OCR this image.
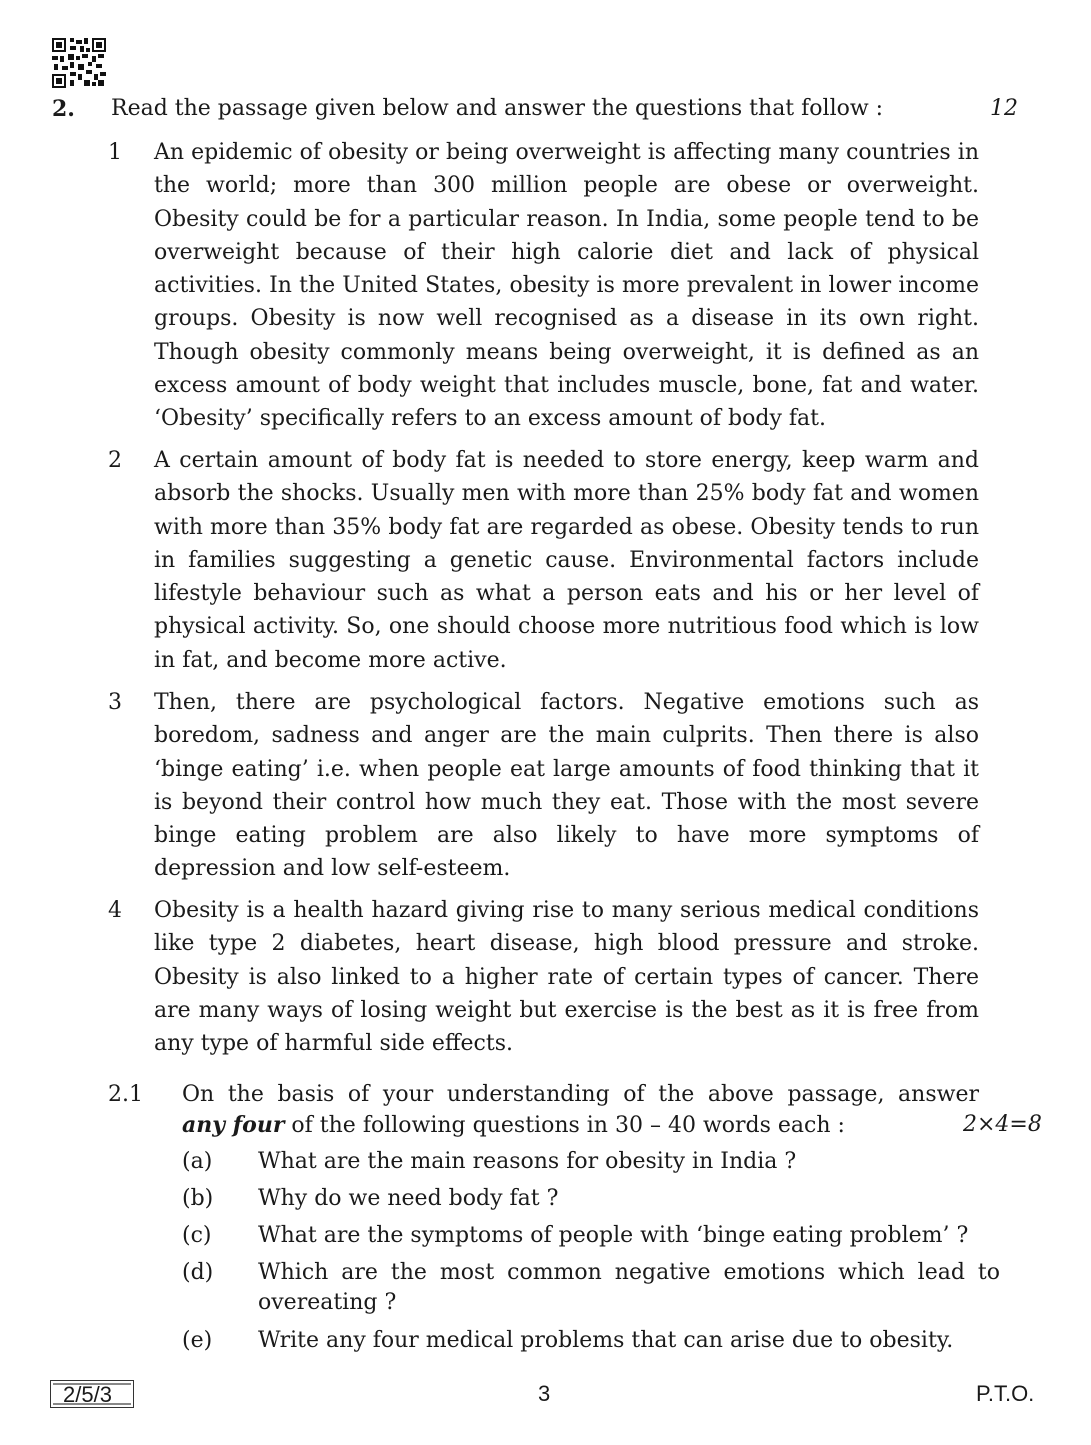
2. Read the passage given below and answer the questions that follow :	12
1 An epidemic of obesity or being overweight is affecting many countries in the world; more than 300 million people are obese or overweight. Obesity could be for a particular reason. In India, some people tend to be overweight because of their high calorie diet and lack of physical activities. In the United States, obesity is more prevalent in lower income groups. Obesity is now well recognised as a disease in its own right. Though obesity commonly means being overweight, it is defined as an excess amount of body weight that includes muscle, bone, fat and water. ‘Obesity’ specifically refers to an excess amount of body fat.
2 A certain amount of body fat is needed to store energy, keep warm and absorb the shocks. Usually men with more than 25% body fat and women with more than 35% body fat are regarded as obese. Obesity tends to run in families suggesting a genetic cause. Environmental factors include lifestyle behaviour such as what a person eats and his or her level of physical activity. So, one should choose more nutritious food which is low in fat, and become more active.
3 Then, there are psychological factors. Negative emotions such as boredom, sadness and anger are the main culprits. Then there is also ‘binge eating’ i.e. when people eat large amounts of food thinking that it is beyond their control how much they eat. Those with the most severe binge eating problem are also likely to have more symptoms of depression and low self-esteem.
4 Obesity is a health hazard giving rise to many serious medical conditions like type 2 diabetes, heart disease, high blood pressure and stroke. Obesity is also linked to a higher rate of certain types of cancer. There are many ways of losing weight but exercise is the best as it is free from any type of harmful side effects.
2.1 On the basis of your understanding of the above passage, answer
any four of the following questions in 30 – 40 words each :	2×4=8
(a) What are the main reasons for obesity in India ?
(b) Why do we need body fat ?
(c) What are the symptoms of people with ‘binge eating problem’ ?
(d) Which are the most common negative emotions which lead to overeating ?
(e) Write any four medical problems that can arise due to obesity.
2/5/3	3	P.T.O.
